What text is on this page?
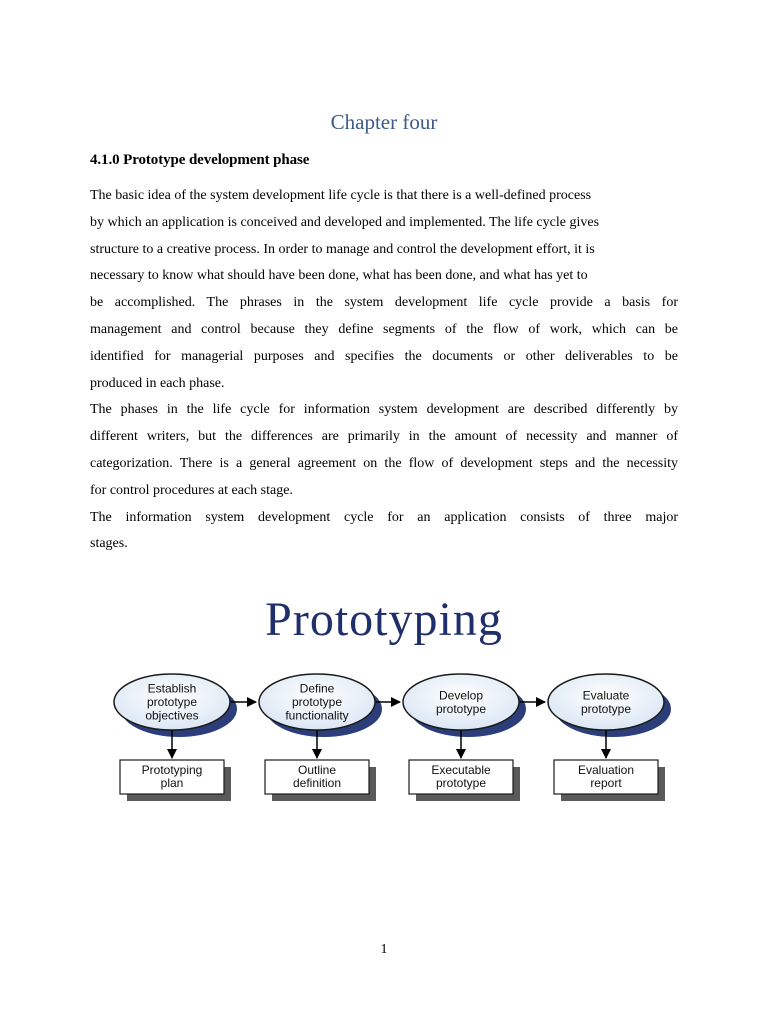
Chapter four
4.1.0 Prototype development phase
The basic idea of the system development life cycle is that there is a well-defined process
by which an application is conceived and developed and implemented. The life cycle gives
structure to a creative process. In order to manage and control the development effort, it is
necessary to know what should have been done, what has been done, and what has yet to
be accomplished. The phrases in the system development life cycle provide a basis for
management and control because they define segments of the flow of work, which can be
identified for managerial purposes and specifies the documents or other deliverables to be
produced in each phase.
The phases in the life cycle for information system development are described differently by
different writers, but the differences are primarily in the amount of necessity and manner of
categorization. There is a general agreement on the flow of development steps and the necessity
for control procedures at each stage.
The information system development cycle for an application consists of three major
stages.
Prototyping
Establish
prototype
objectives
Prototyping
plan
Define
prototype
functionality
Outline
definition
Develop
prototype
Executable
prototype
Evaluate
prototype
Evaluation
report
1
